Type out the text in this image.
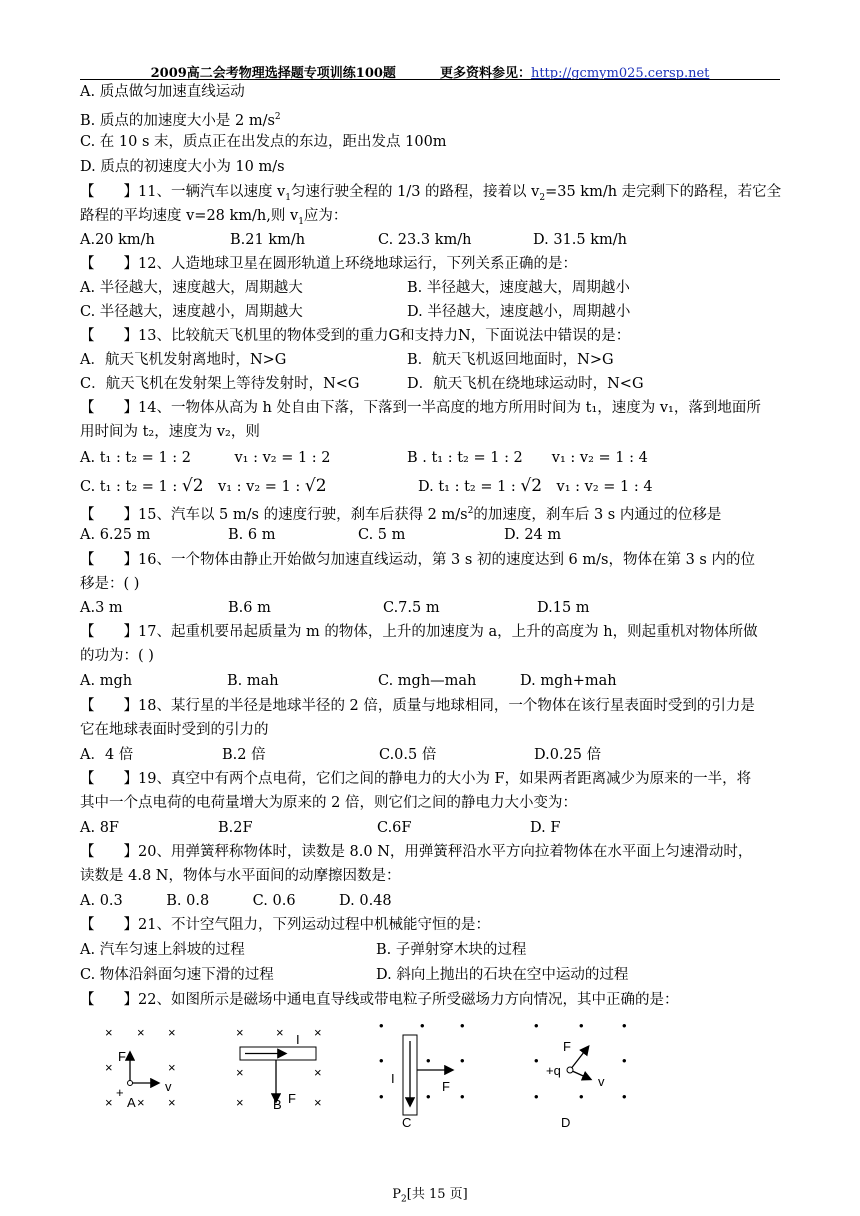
2009高二会考物理选择题专项训练100题	更多资料参见：http://gcmym025.cersp.net
A. 质点做匀加速直线运动
B. 质点的加速度大小是 2 $m/s^2$
C. 在 10 s 末，质点正在出发点的东边，距出发点 100m
D. 质点的初速度大小为 10 m/s
【　　】11、一辆汽车以速度 $v_1$匀速行驶全程的 1/3 的路程，接着以 $v_2=35$ km/h 走完剩下的路程，若它全
路程的平均速度 v=28 km/h,则 $v_1$应为：
A.20 km/h	B.21 km/h	C. 23.3 km/h	D. 31.5 km/h
【　　】12、人造地球卫星在圆形轨道上环绕地球运行，下列关系正确的是：
A. 半径越大，速度越大，周期越大	B. 半径越大，速度越大，周期越小
C. 半径越大，速度越小，周期越大	D. 半径越大，速度越小，周期越小
【　　】13、比较航天飞机里的物体受到的重力G和支持力N，下面说法中错误的是：
A．航天飞机发射离地时，N>G	B．航天飞机返回地面时，N>G
C．航天飞机在发射架上等待发射时，N<G	D．航天飞机在绕地球运动时，N<G
【　　】14、一物体从高为 h 处自由下落，下落到一半高度的地方所用时间为 t₁，速度为 v₁，落到地面所
用时间为 t₂，速度为 v₂，则
A. t₁ : t₂ = 1 : 2　　　v₁ : v₂ = 1 : 2	B . t₁ : t₂ = 1 : 2　　v₁ : v₂ = 1 : 4
C. t₁ : t₂ = 1 : √2　v₁ : v₂ = 1 : √2	D. t₁ : t₂ = 1 : √2　v₁ : v₂ = 1 : 4
【　　】15、汽车以 5 m/s 的速度行驶，刹车后获得 2 $m/s^2$的加速度，刹车后 3 s 内通过的位移是
A. 6.25 m	B. 6 m	C. 5 m	D. 24 m
【　　】16、一个物体由静止开始做匀加速直线运动，第 3 s 初的速度达到 6 m/s，物体在第 3 s 内的位
移是：( )
A.3 m	B.6 m	C.7.5 m	D.15 m
【　　】17、起重机要吊起质量为 m 的物体，上升的加速度为 a，上升的高度为 h，则起重机对物体所做
的功为：( )
A. mgh	B. mah	C. mgh—mah	D. mgh+mah
【　　】18、某行星的半径是地球半径的 2 倍，质量与地球相同，一个物体在该行星表面时受到的引力是
它在地球表面时受到的引力的
A．4 倍	B.2 倍	C.0.5 倍	D.0.25 倍
【　　】19、真空中有两个点电荷，它们之间的静电力的大小为 F，如果两者距离减少为原来的一半，将
其中一个点电荷的电荷量增大为原来的 2 倍，则它们之间的静电力大小变为：
A. 8F	B.2F	C.6F	D. F
【　　】20、用弹簧秤称物体时，读数是 8.0 N，用弹簧秤沿水平方向拉着物体在水平面上匀速滑动时，
读数是 4.8 N，物体与水平面间的动摩擦因数是：
A. 0.3　　　B. 0.8　　　C. 0.6　　　D. 0.48
【　　】21、不计空气阻力，下列运动过程中机械能守恒的是：
A. 汽车匀速上斜坡的过程	B. 子弹射穿木块的过程
C. 物体沿斜面匀速下滑的过程	D. 斜向上抛出的石块在空中运动的过程
【　　】22、如图所示是磁场中通电直导线或带电粒子所受磁场力方向情况，其中正确的是：
× × ×
×	×
× × ×
F
v
+
A
× × ×
×	×
×	×
I
F
B
•	•	•
•	• •
•	• •
I
F
C
•	•	•
•	•
•	•	•
F
v
+q
D
$P_2$[共 15 页]
